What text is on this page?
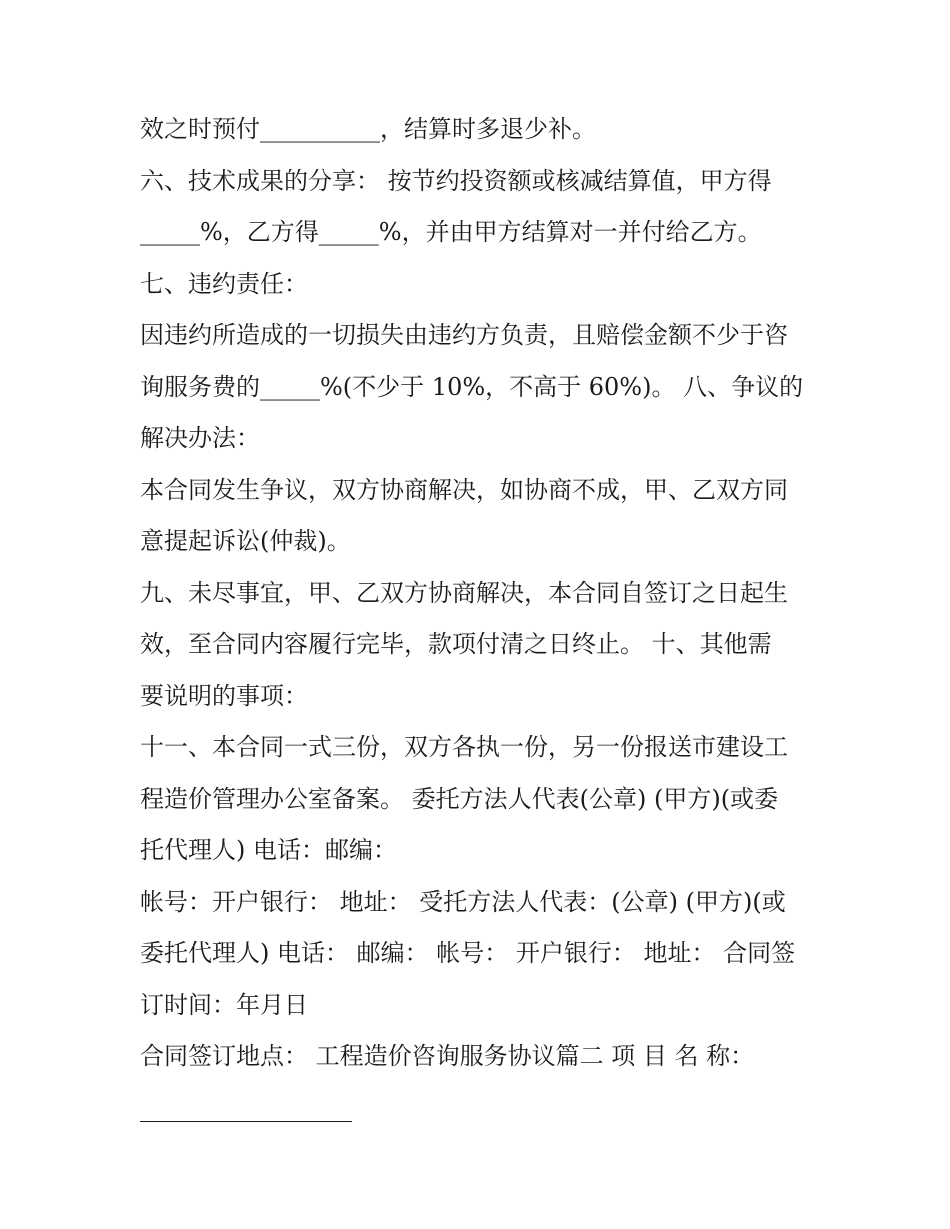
效之时预付__________，结算时多退少补。
六、技术成果的分享： 按节约投资额或核减结算值，甲方得
_____%，乙方得_____%，并由甲方结算对一并付给乙方。
七、违约责任：
因违约所造成的一切损失由违约方负责，且赔偿金额不少于咨
询服务费的_____%(不少于 10%，不高于 60%)。 八、争议的
解决办法：
本合同发生争议，双方协商解决，如协商不成，甲、乙双方同
意提起诉讼(仲裁)。
九、未尽事宜，甲、乙双方协商解决，本合同自签订之日起生
效，至合同内容履行完毕，款项付清之日终止。 十、其他需
要说明的事项：
十一、本合同一式三份，双方各执一份，另一份报送市建设工
程造价管理办公室备案。 委托方法人代表(公章) (甲方)(或委
托代理人) 电话：邮编：
帐号：开户银行： 地址： 受托方法人代表：(公章) (甲方)(或
委托代理人) 电话： 邮编： 帐号： 开户银行： 地址： 合同签
订时间：年月日
合同签订地点： 工程造价咨询服务协议篇二 项 目 名 称：
